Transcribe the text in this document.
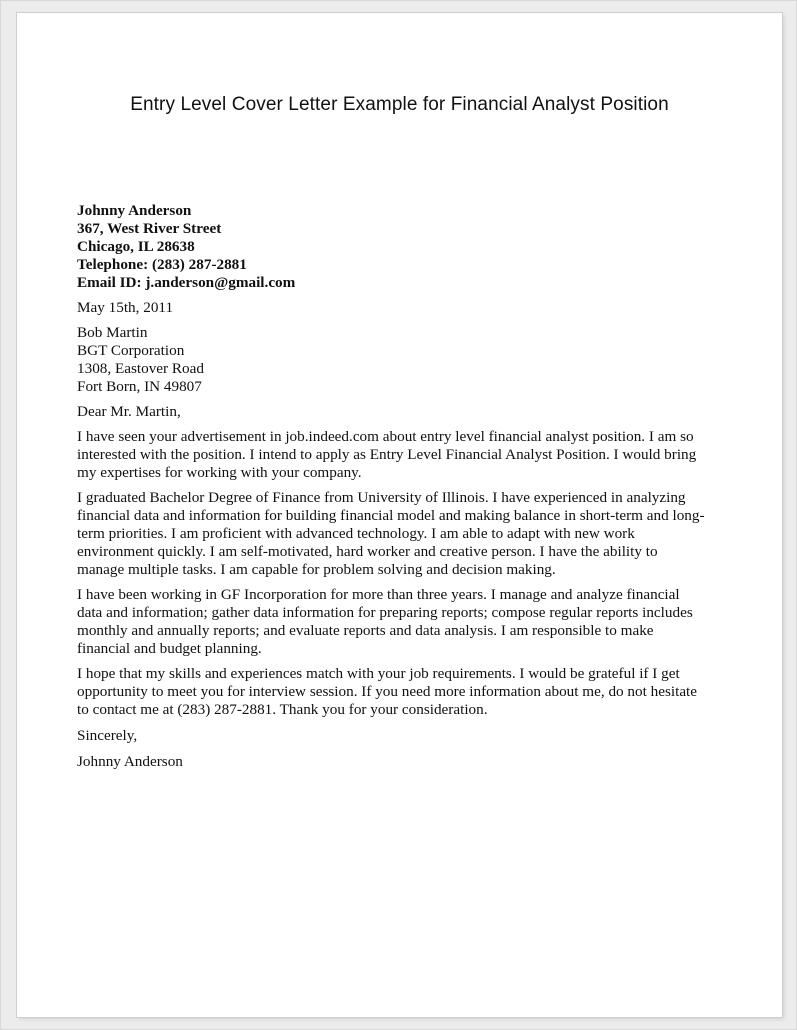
Entry Level Cover Letter Example for Financial Analyst Position
Johnny Anderson
367, West River Street
Chicago, IL 28638
Telephone: (283) 287-2881
Email ID: j.anderson@gmail.com
May 15th, 2011
Bob Martin
BGT Corporation
1308, Eastover Road
Fort Born, IN 49807
Dear Mr. Martin,
I have seen your advertisement in job.indeed.com about entry level financial analyst position. I am so
interested with the position. I intend to apply as Entry Level Financial Analyst Position. I would bring
my expertises for working with your company.
I graduated Bachelor Degree of Finance from University of Illinois. I have experienced in analyzing
financial data and information for building financial model and making balance in short-term and long-
term priorities. I am proficient with advanced technology. I am able to adapt with new work
environment quickly. I am self-motivated, hard worker and creative person. I have the ability to
manage multiple tasks. I am capable for problem solving and decision making.
I have been working in GF Incorporation for more than three years. I manage and analyze financial
data and information; gather data information for preparing reports; compose regular reports includes
monthly and annually reports; and evaluate reports and data analysis. I am responsible to make
financial and budget planning.
I hope that my skills and experiences match with your job requirements. I would be grateful if I get
opportunity to meet you for interview session. If you need more information about me, do not hesitate
to contact me at (283) 287-2881. Thank you for your consideration.
Sincerely,
Johnny Anderson
